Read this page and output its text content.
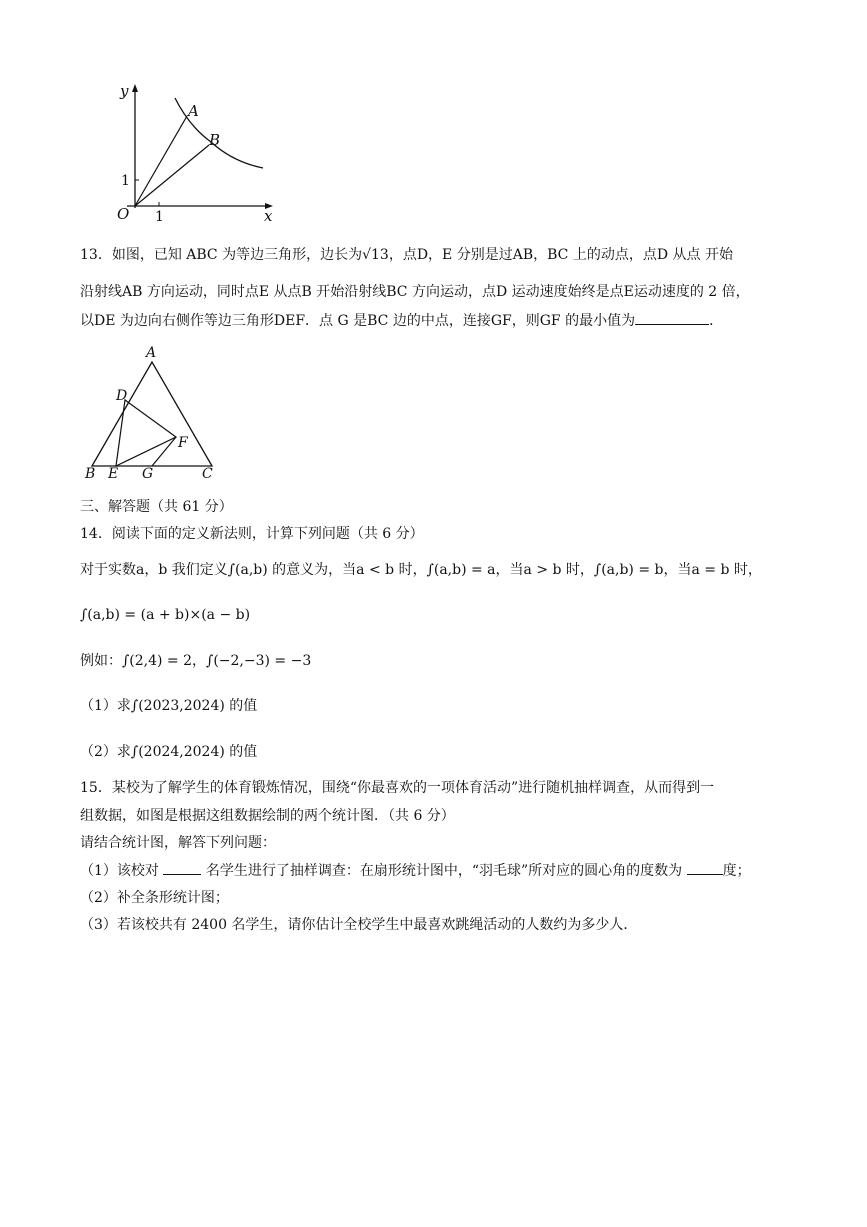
y
x
O
A
B
1
1
13．如图，已知 ABC 为等边三角形，边长为√13，点D，E 分别是过AB，BC 上的动点，点D 从点 开始
沿射线AB 方向运动，同时点E 从点B 开始沿射线BC 方向运动，点D 运动速度始终是点E运动速度的 2 倍，
以DE 为边向右侧作等边三角形DEF．点 G 是BC 边的中点，连接GF，则GF 的最小值为	．
A
B	C
D
E
F
G
三、解答题（共 61 分）
14．阅读下面的定义新法则，计算下列问题（共 6 分）
对于实数a，b 我们定义∫(a,b) 的意义为，当a < b 时，∫(a,b) = a，当a > b 时，∫(a,b) = b，当a = b 时，
∫(a,b) = (a + b)×(a − b)
例如：∫(2,4) = 2，∫(−2,−3) = −3
（1）求∫(2023,2024) 的值
（2）求∫(2024,2024) 的值
15．某校为了解学生的体育锻炼情况，围绕“你最喜欢的一项体育活动”进行随机抽样调查，从而得到一
组数据，如图是根据这组数据绘制的两个统计图．（共 6 分）
请结合统计图，解答下列问题：
（1）该校对	名学生进行了抽样调查：在扇形统计图中，“羽毛球”所对应的圆心角的度数为	度；
（2）补全条形统计图；
（3）若该校共有 2400 名学生，请你估计全校学生中最喜欢跳绳活动的人数约为多少人．
